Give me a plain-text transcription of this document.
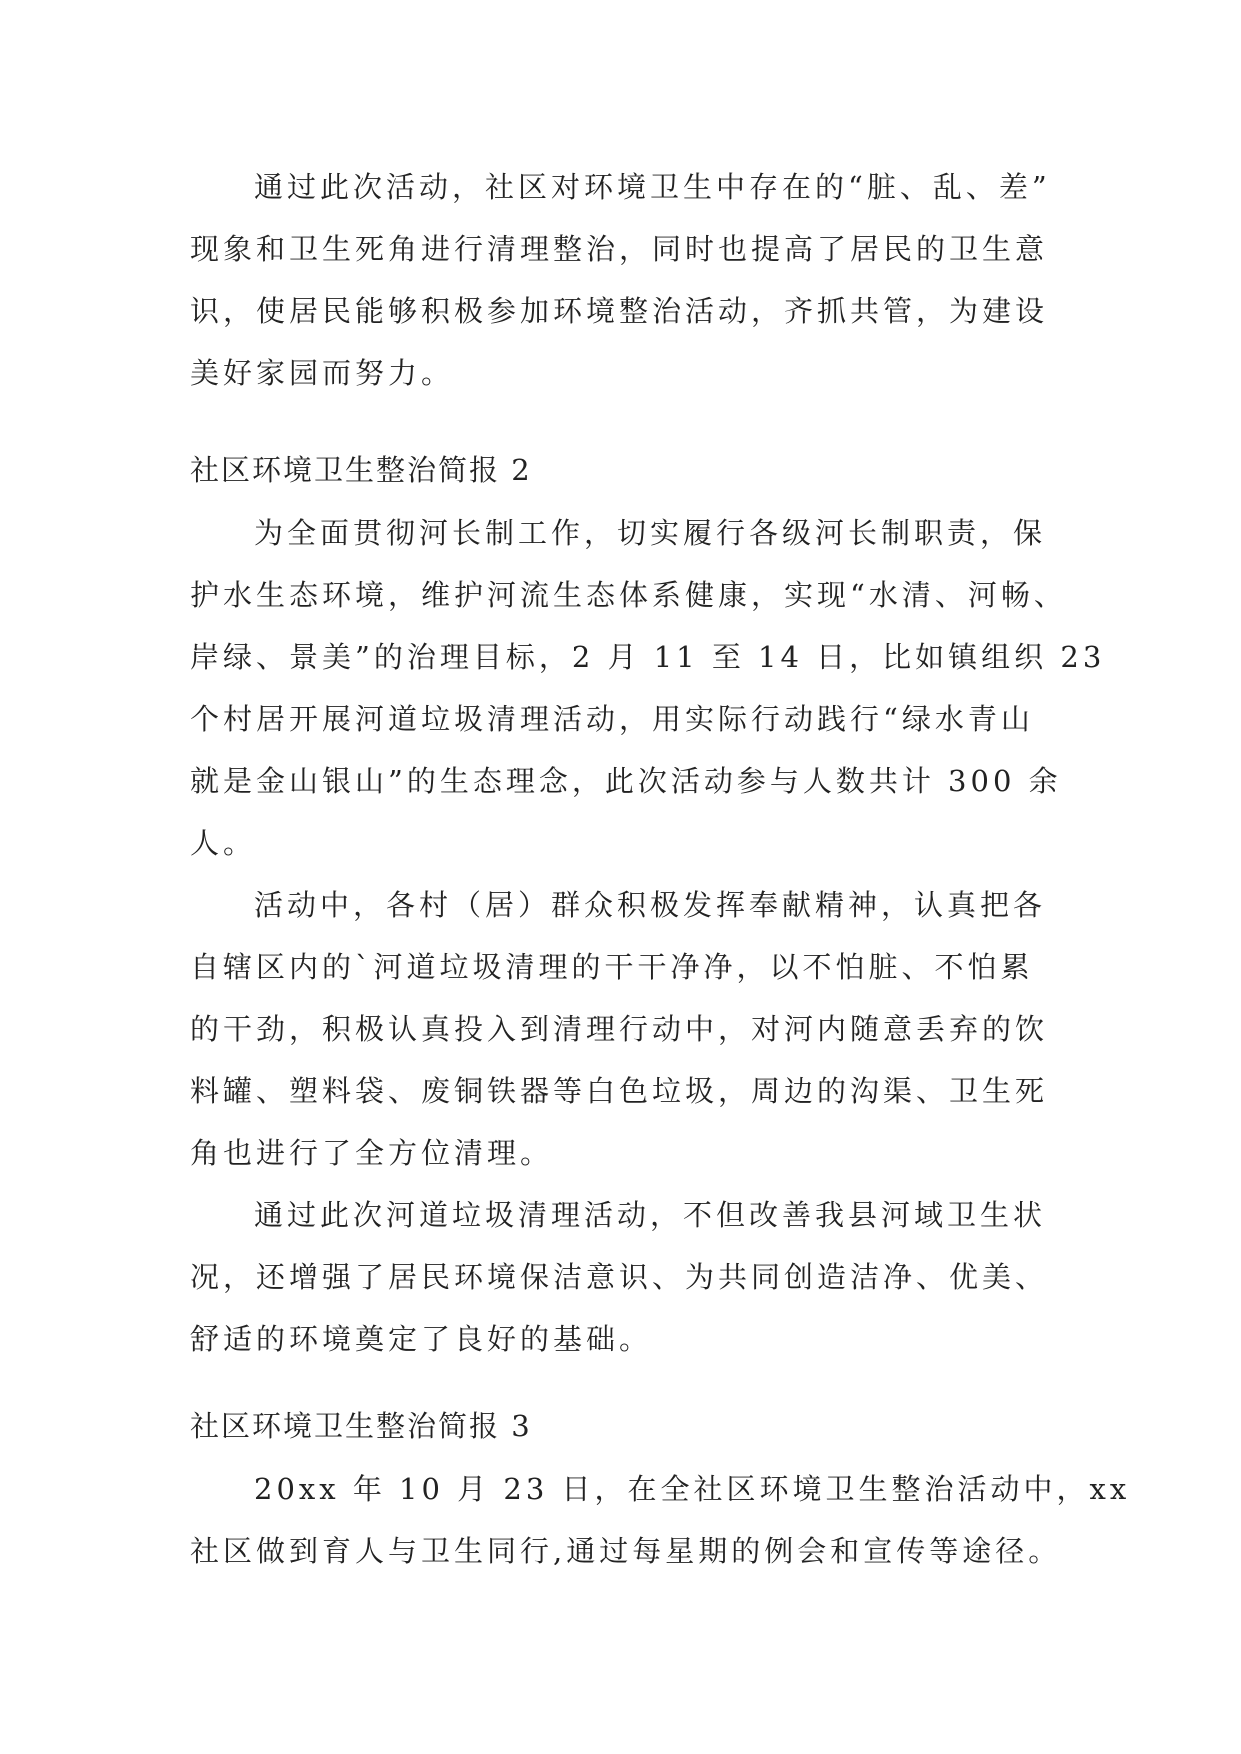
通过此次活动，社区对环境卫生中存在的“脏、乱、差”
现象和卫生死角进行清理整治，同时也提高了居民的卫生意
识，使居民能够积极参加环境整治活动，齐抓共管，为建设
美好家园而努力。
社区环境卫生整治简报 2
为全面贯彻河长制工作，切实履行各级河长制职责，保
护水生态环境，维护河流生态体系健康，实现“水清、河畅、
岸绿、景美”的治理目标，2 月 11 至 14 日，比如镇组织 23
个村居开展河道垃圾清理活动，用实际行动践行“绿水青山
就是金山银山”的生态理念，此次活动参与人数共计 300 余
人。
活动中，各村（居）群众积极发挥奉献精神，认真把各
自辖区内的`河道垃圾清理的干干净净，以不怕脏、不怕累
的干劲，积极认真投入到清理行动中，对河内随意丢弃的饮
料罐、塑料袋、废铜铁器等白色垃圾，周边的沟渠、卫生死
角也进行了全方位清理。
通过此次河道垃圾清理活动，不但改善我县河域卫生状
况，还增强了居民环境保洁意识、为共同创造洁净、优美、
舒适的环境奠定了良好的基础。
社区环境卫生整治简报 3
20xx 年 10 月 23 日，在全社区环境卫生整治活动中，xx
社区做到育人与卫生同行,通过每星期的例会和宣传等途径。
